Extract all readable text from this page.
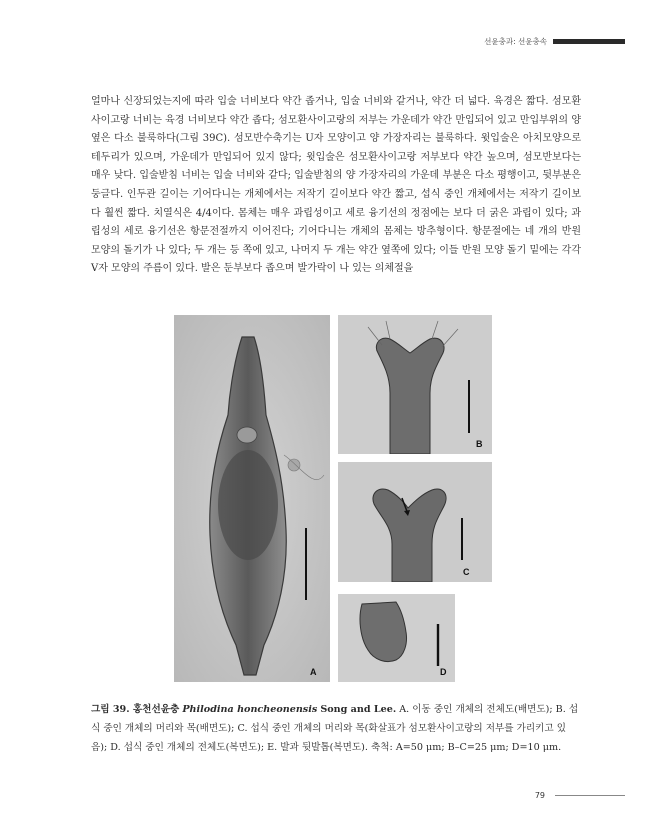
선윤충과: 선윤충속

얼마나 신장되었는지에 따라 입술 너비보다 약간 좁거나, 입술 너비와 같거나, 약간 더 넓다. 육경은 짧다. 섬모환사이고랑 너비는 육경 너비보다 약간 좁다; 섬모환사이고랑의 저부는 가운데가 약간 만입되어 있고 만입부위의 양옆은 다소 불룩하다(그림 39C). 섬모반수축기는 U자 모양이고 양 가장자리는 불룩하다. 윗입술은 아치모양으로 테두리가 있으며, 가운데가 만입되어 있지 않다; 윗입술은 섬모환사이고랑 저부보다 약간 높으며, 섬모반보다는 매우 낮다. 입술받침 너비는 입술 너비와 같다; 입술받침의 양 가장자리의 가운데 부분은 다소 평행이고, 뒷부분은 둥글다. 인두관 길이는 기어다니는 개체에서는 저작기 길이보다 약간 짧고, 섭식 중인 개체에서는 저작기 길이보다 훨씬 짧다. 치열식은 4/4이다. 몸체는 매우 과립성이고 세로 융기선의 정점에는 보다 더 굵은 과립이 있다; 과립성의 세로 융기선은 항문전절까지 이어진다; 기어다니는 개체의 몸체는 방추형이다. 항문절에는 네 개의 반원 모양의 돌기가 나 있다; 두 개는 등 쪽에 있고, 나머지 두 개는 약간 옆쪽에 있다; 이들 반원 모양 돌기 밑에는 각각 V자 모양의 주름이 있다. 발은 둔부보다 좁으며 발가락이 나 있는 의체절을

A
B
C
D

그림 39. 홍천선윤충 Philodina honcheonensis Song and Lee. A. 이동 중인 개체의 전체도(배면도); B. 섭식 중인 개체의 머리와 목(배면도); C. 섭식 중인 개체의 머리와 목(화살표가 섬모환사이고랑의 저부를 가리키고 있음); D. 섭식 중인 개체의 전체도(복면도); E. 발과 뒷발톱(복면도). 축척: A=50 μm; B–C=25 μm; D=10 μm.

79
